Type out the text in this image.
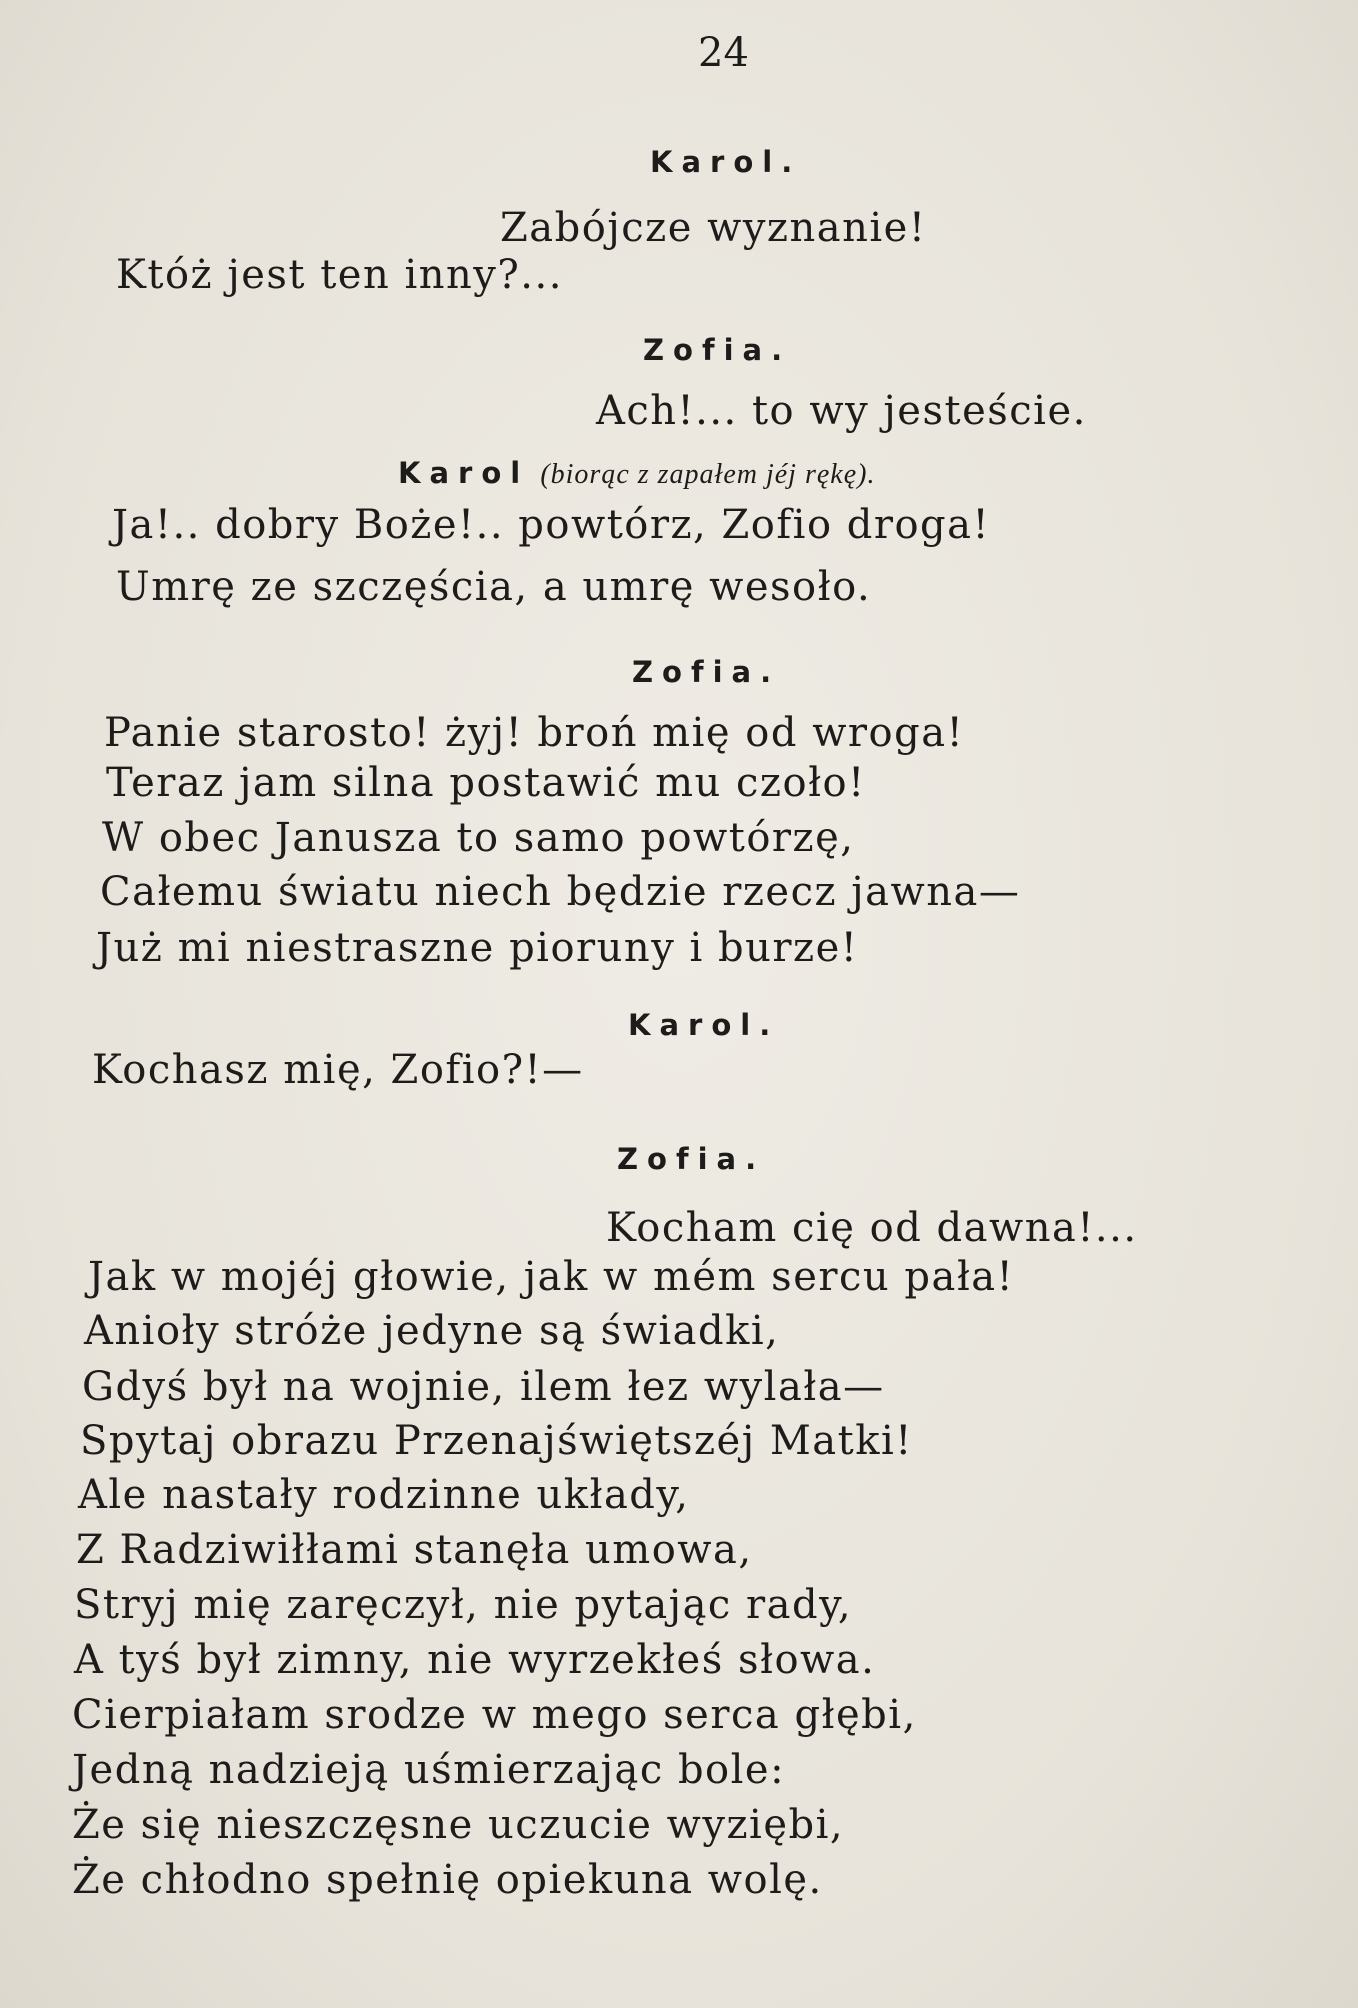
24
Karol.
Zabójcze wyznanie!
Któż jest ten inny?...
Zofia.
Ach!... to wy jesteście.
Karol (biorąc z zapałem jéj rękę).
Ja!.. dobry Boże!.. powtórz, Zofio droga!
Umrę ze szczęścia, a umrę wesoło.
Zofia.
Panie starosto! żyj! broń mię od wroga!
Teraz jam silna postawić mu czoło!
W obec Janusza to samo powtórzę,
Całemu światu niech będzie rzecz jawna—
Już mi niestraszne pioruny i burze!
Karol.
Kochasz mię, Zofio?!—
Zofia.
Kocham cię od dawna!...
Jak w mojéj głowie, jak w mém sercu pała!
Anioły stróże jedyne są świadki,
Gdyś był na wojnie, ilem łez wylała—
Spytaj obrazu Przenajświętszéj Matki!
Ale nastały rodzinne układy,
Z Radziwiłłami stanęła umowa,
Stryj mię zaręczył, nie pytając rady,
A tyś był zimny, nie wyrzekłeś słowa.
Cierpiałam srodze w mego serca głębi,
Jedną nadzieją uśmierzając bole:
Że się nieszczęsne uczucie wyziębi,
Że chłodno spełnię opiekuna wolę.
